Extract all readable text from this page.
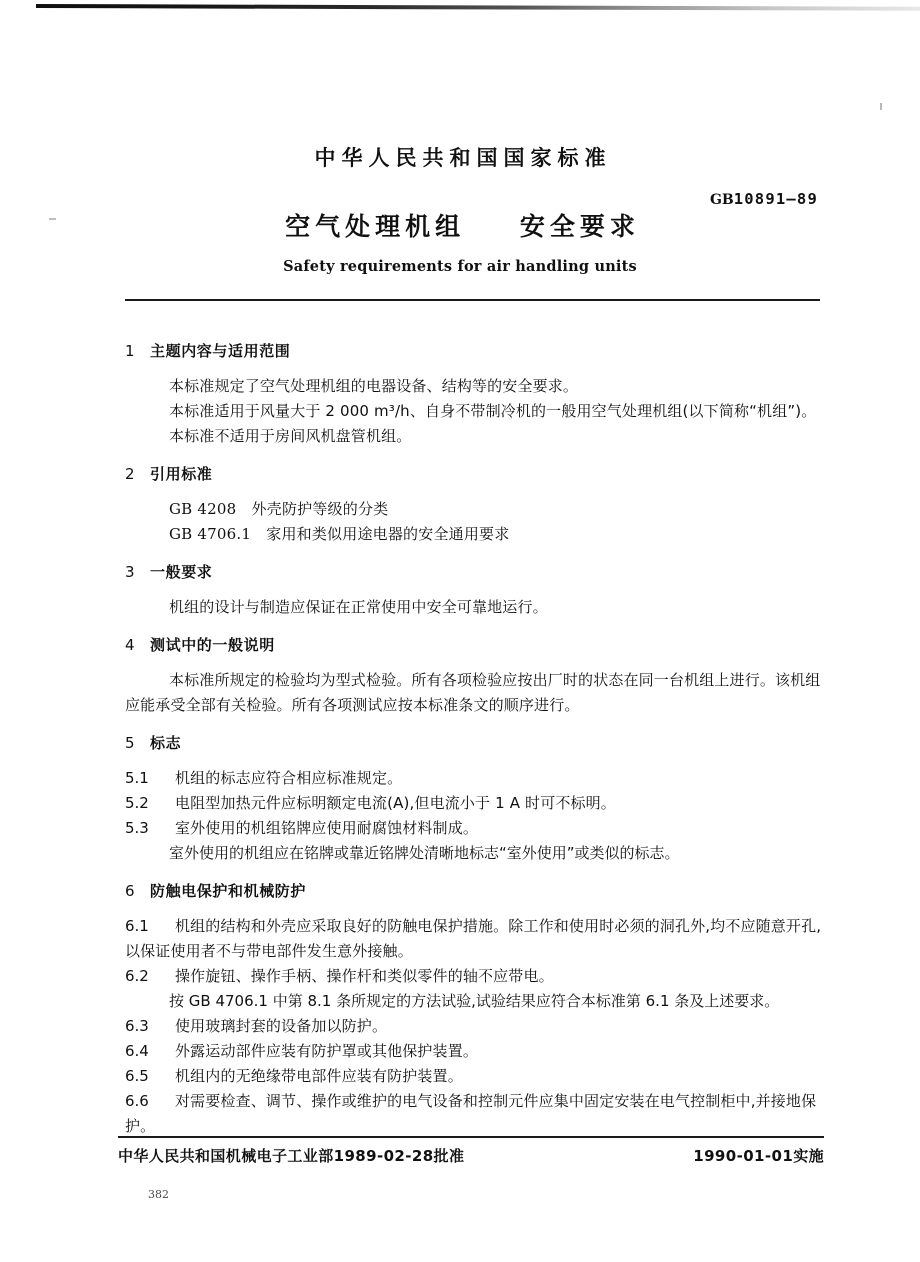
中华人民共和国国家标准
GB10891—89
空气处理机组    安全要求
Safety requirements for air handling units
1 主题内容与适用范围

本标准规定了空气处理机组的电器设备、结构等的安全要求。

本标准适用于风量大于 2 000 m³/h、自身不带制冷机的一般用空气处理机组(以下简称“机组”)。

本标准不适用于房间风机盘管机组。

2 引用标准

GB 4208　外壳防护等级的分类

GB 4706.1　家用和类似用途电器的安全通用要求

3 一般要求

机组的设计与制造应保证在正常使用中安全可靠地运行。

4 测试中的一般说明

本标准所规定的检验均为型式检验。所有各项检验应按出厂时的状态在同一台机组上进行。该机组应能承受全部有关检验。所有各项测试应按本标准条文的顺序进行。

5 标志

5.1 机组的标志应符合相应标准规定。

5.2 电阻型加热元件应标明额定电流(A),但电流小于 1 A 时可不标明。

5.3 室外使用的机组铭牌应使用耐腐蚀材料制成。

室外使用的机组应在铭牌或靠近铭牌处清晰地标志“室外使用”或类似的标志。

6 防触电保护和机械防护

6.1 机组的结构和外壳应采取良好的防触电保护措施。除工作和使用时必须的洞孔外,均不应随意开孔,以保证使用者不与带电部件发生意外接触。

6.2 操作旋钮、操作手柄、操作杆和类似零件的轴不应带电。

按 GB 4706.1 中第 8.1 条所规定的方法试验,试验结果应符合本标准第 6.1 条及上述要求。

6.3 使用玻璃封套的设备加以防护。

6.4 外露运动部件应装有防护罩或其他保护装置。

6.5 机组内的无绝缘带电部件应装有防护装置。

6.6 对需要检查、调节、操作或维护的电气设备和控制元件应集中固定安装在电气控制柜中,并接地保护。

中华人民共和国机械电子工业部1989-02-28批准	1990-01-01实施
382
